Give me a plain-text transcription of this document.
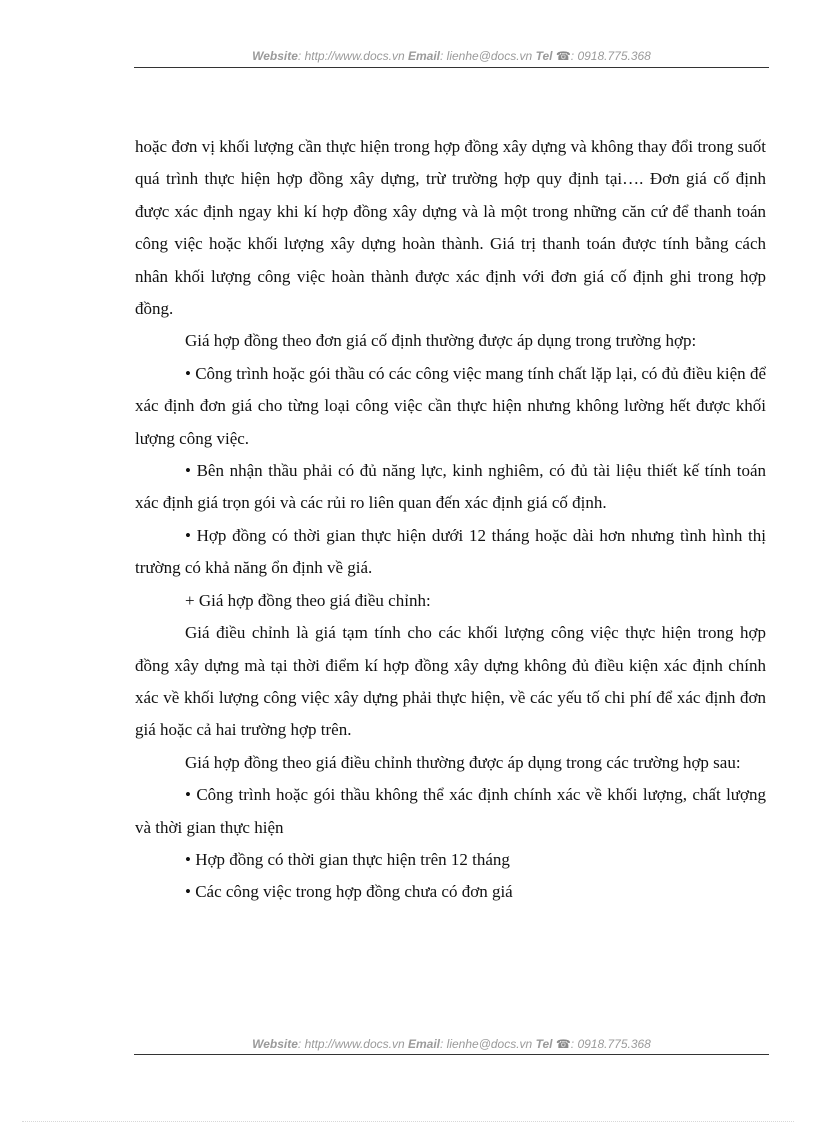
Website: http://www.docs.vn Email: lienhe@docs.vn Tel ☎: 0918.775.368

hoặc đơn vị khối lượng cần thực hiện trong hợp đồng xây dựng và không thay đổi trong suốt quá trình thực hiện hợp đồng xây dựng, trừ trường hợp quy định tại…. Đơn giá cố định được xác định ngay khi kí hợp đồng xây dựng và là một trong những căn cứ để thanh toán công việc hoặc khối lượng xây dựng hoàn thành. Giá trị thanh toán được tính bằng cách nhân khối lượng công việc hoàn thành được xác định với đơn giá cố định ghi trong hợp đồng.

Giá hợp đồng theo đơn giá cố định thường được áp dụng trong trường hợp:

• Công trình hoặc gói thầu có các công việc mang tính chất lặp lại, có đủ điều kiện để xác định đơn giá cho từng loại công việc cần thực hiện nhưng không lường hết được khối lượng công việc.

• Bên nhận thầu phải có đủ năng lực, kinh nghiêm, có đủ tài liệu thiết kế tính toán xác định giá trọn gói và các rủi ro liên quan đến xác định giá cố định.

• Hợp đồng có thời gian thực hiện dưới 12 tháng hoặc dài hơn nhưng tình hình thị trường có khả năng ổn định về giá.

+ Giá hợp đồng theo giá điều chỉnh:

Giá điều chỉnh là giá tạm tính cho các khối lượng công việc thực hiện trong hợp đồng xây dựng mà tại thời điểm kí hợp đồng xây dựng không đủ điều kiện xác định chính xác về khối lượng công việc xây dựng phải thực hiện, về các yếu tố chi phí để xác định đơn giá hoặc cả hai trường hợp trên.

Giá hợp đồng theo giá điều chỉnh thường được áp dụng trong các trường hợp sau:

• Công trình hoặc gói thầu không thể xác định chính xác về khối lượng, chất lượng và thời gian thực hiện

• Hợp đồng có thời gian thực hiện trên 12 tháng

• Các công việc trong hợp đồng chưa có đơn giá

Website: http://www.docs.vn Email: lienhe@docs.vn Tel ☎: 0918.775.368
